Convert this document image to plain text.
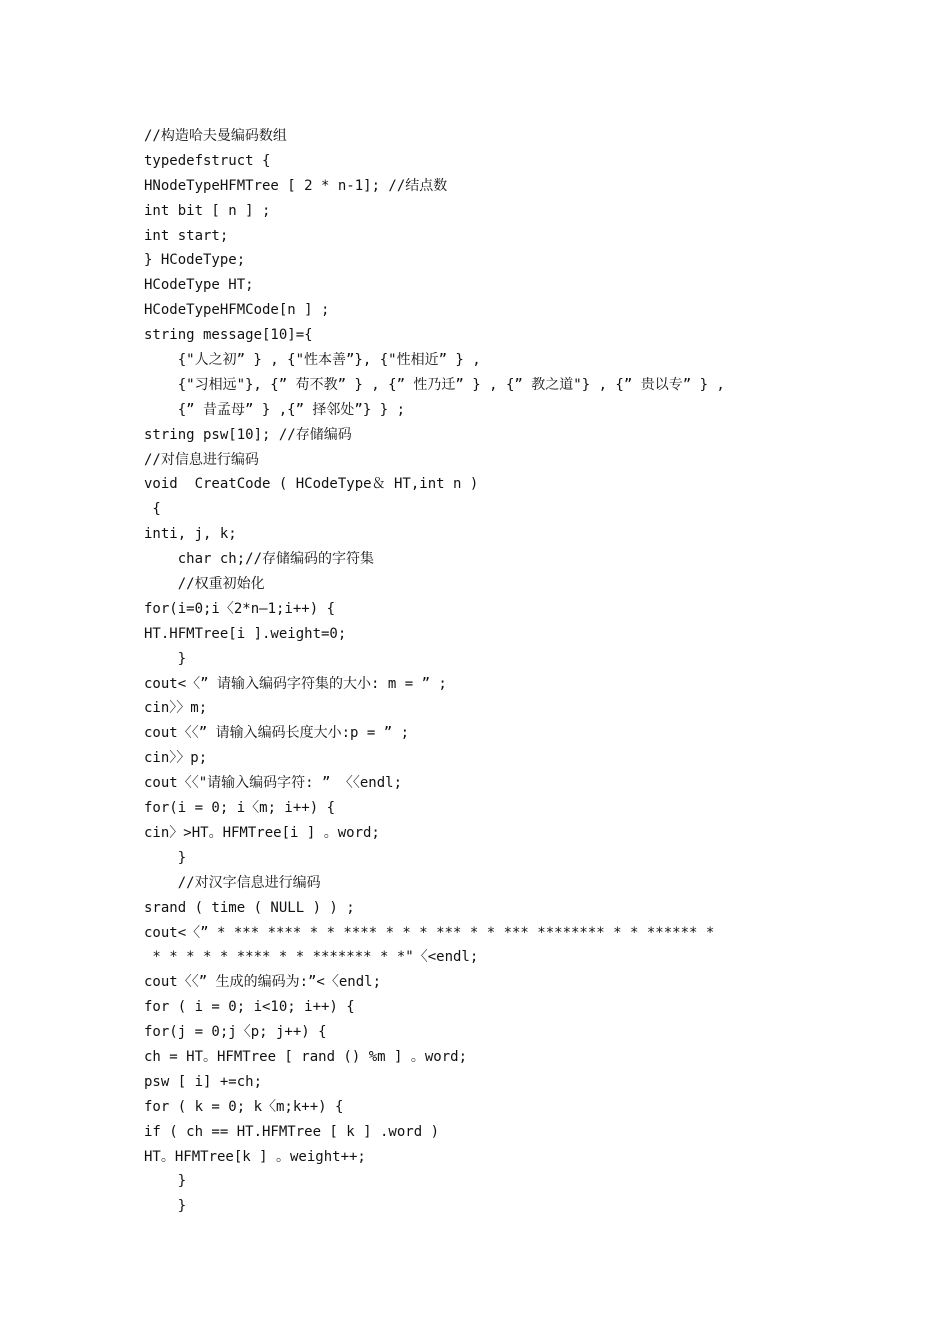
//构造哈夫曼编码数组
typedefstruct {
HNodeTypeHFMTree [ 2 * n-1]; //结点数
int bit [ n ] ;
int start;
} HCodeType;
HCodeType HT;
HCodeTypeHFMCode[n ] ;
string message[10]={
{"人之初” } , {"性本善”}, {"性相近” } ,
{"习相远"}, {” 苟不教” } , {” 性乃迁” } , {” 教之道"} , {” 贵以专” } ,
{” 昔孟母” } ,{” 择邻处”} } ;
string psw[10]; //存储编码
//对信息进行编码
void  CreatCode ( HCodeType＆ HT,int n )
{
inti, j, k;
char ch;//存储编码的字符集
//权重初始化
for(i=0;i〈2*n—1;i++) {
HT.HFMTree[i ].weight=0;
}
cout<〈” 请输入编码字符集的大小: m = ” ;
cin〉〉m;
cout〈〈” 请输入编码长度大小:p = ” ;
cin〉〉p;
cout〈〈"请输入编码字符: ” 〈〈endl;
for(i = 0; i〈m; i++) {
cin〉>HT。HFMTree[i ] 。word;
}
//对汉字信息进行编码
srand ( time ( NULL ) ) ;
cout<〈” * *** **** * * **** * * * *** * * *** ******** * * ****** *
* * * * * **** * * ******* * *"〈<endl;
cout〈〈” 生成的编码为:”<〈endl;
for ( i = 0; i<10; i++) {
for(j = 0;j〈p; j++) {
ch = HT。HFMTree [ rand () %m ] 。word;
psw [ i] +=ch;
for ( k = 0; k〈m;k++) {
if ( ch == HT.HFMTree [ k ] .word )
HT。HFMTree[k ] 。weight++;
}
}
